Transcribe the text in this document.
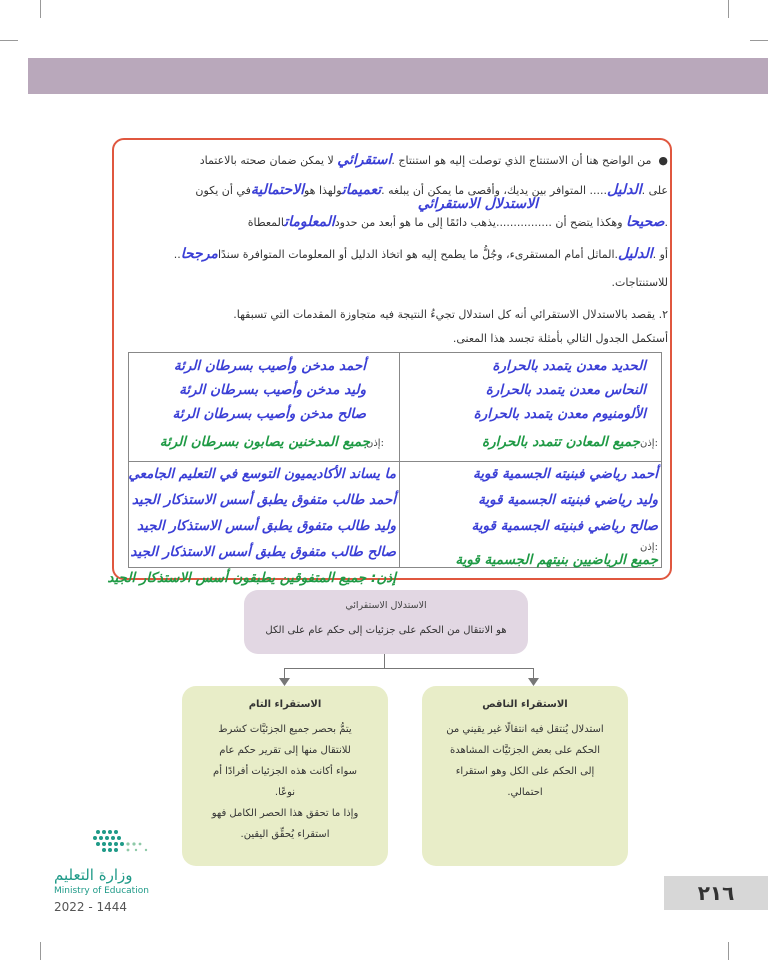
●  من الواضح هنا أن الاستنتاج الذي توصلت إليه هو استنتاج .استقرائي لا يمكن ضمان صحته بالاعتماد
على .الدليل..... المتوافر بين يديك، وأقصى ما يمكن أن يبلغه .تعميماتولهذا هوالاحتماليةفي أن يكون
الاستدلال الاستقرائي
.صحيحا وهكذا يتضح أن ................يذهب دائمًا إلى ما هو أبعد من حدودالمعلوماتالمعطاة
أو .الدليل.الماثل أمام المستقرىء، وجُلُّ ما يطمح إليه هو اتخاذ الدليل أو المعلومات المتوافرة سندًامرجحا..
للاستنتاجات.
٢. يقصد بالاستدلال الاستقرائي أنه كل استدلال تجيءُ النتيجة فيه متجاوزة المقدمات التي تسبقها.
أستكمل الجدول التالي بأمثلة تجسد هذا المعنى.
الحديد معدن يتمدد بالحرارة
النحاس معدن يتمدد بالحرارة
الألومنيوم معدن يتمدد بالحرارة
جميع المعادن تتمدد بالحرارة إذن:
أحمد مدخن وأصيب بسرطان الرئة
وليد مدخن وأصيب بسرطان الرئة
صالح مدخن وأصيب بسرطان الرئة
إذن:
جميع المدخنين يصابون بسرطان الرئة
أحمد رياضي فبنيته الجسمية قوية
وليد رياضي فبنيته الجسمية قوية
صالح رياضي فبنيته الجسمية قوية
إذن:
جميع الرياضيين بنيتهم الجسمية قوية
ما يساند الأكاديميون التوسع في التعليم الجامعي
أحمد طالب متفوق يطبق أسس الاستذكار الجيد
وليد طالب متفوق يطبق أسس الاستذكار الجيد
صالح طالب متفوق يطبق أسس الاستذكار الجيد
إذن: جميع المتفوقين يطبقون أسس الاستذكار الجيد
الاستدلال الاستقرائي
هو الانتقال من الحكم على جزئيات إلى حكم عام على الكل
الاستقراء التام
يتمُّ بحصر جميع الجزئيَّات كشرط
للانتقال منها إلى تقرير حكم عام
سواء أكانت هذه الجزئيات أفرادًا أم
نوعًا.
وإذا ما تحقق هذا الحصر الكامل فهو
استقراء يُحقِّق اليقين.
الاستقراء الناقص
استدلال يُنتقل فيه انتقالًا غير يقيني من
الحكم على بعض الجزئيَّات المشاهدة
إلى الحكم على الكل وهو استقراء
احتمالي.
وزارة التعليم
Ministry of Education
2022 - 1444
٢١٦
